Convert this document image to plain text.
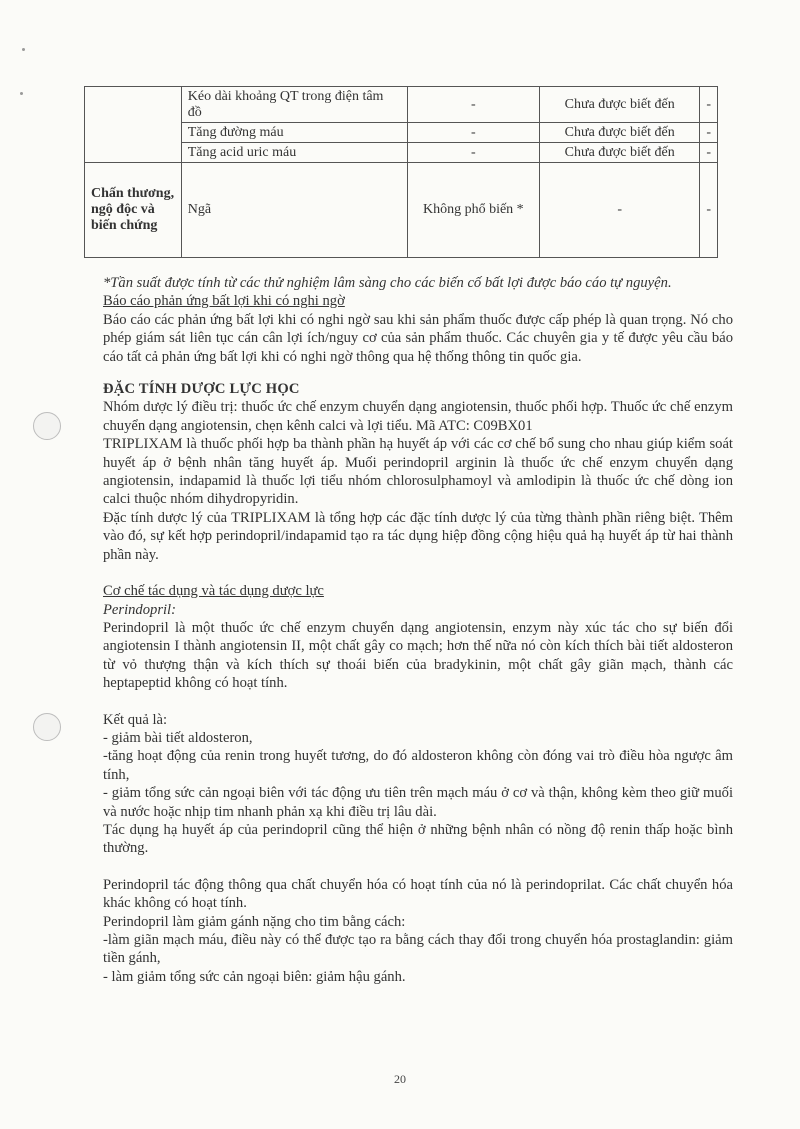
	Kéo dài khoảng QT trong điện tâm đồ	-	Chưa được biết đến	-
	Tăng đường máu	-	Chưa được biết đến	-
	Tăng acid uric máu	-	Chưa được biết đến	-
Chấn thương, ngộ độc và biến chứng	Ngã	Không phổ biến *	-	-

*Tần suất được tính từ các thử nghiệm lâm sàng cho các biến cố bất lợi được báo cáo tự nguyện.

Báo cáo phản ứng bất lợi khi có nghi ngờ

Báo cáo các phản ứng bất lợi khi có nghi ngờ sau khi sản phẩm thuốc được cấp phép là quan trọng. Nó cho phép giám sát liên tục cán cân lợi ích/nguy cơ của sản phẩm thuốc. Các chuyên gia y tế được yêu cầu báo cáo tất cả phản ứng bất lợi khi có nghi ngờ thông qua hệ thống thông tin quốc gia.

ĐẶC TÍNH DƯỢC LỰC HỌC

Nhóm dược lý điều trị: thuốc ức chế enzym chuyển dạng angiotensin, thuốc phối hợp. Thuốc ức chế enzym chuyển dạng angiotensin, chẹn kênh calci và lợi tiểu. Mã ATC: C09BX01

TRIPLIXAM là thuốc phối hợp ba thành phần hạ huyết áp với các cơ chế bổ sung cho nhau giúp kiểm soát huyết áp ở bệnh nhân tăng huyết áp. Muối perindopril arginin là thuốc ức chế enzym chuyển dạng angiotensin, indapamid là thuốc lợi tiểu nhóm chlorosulphamoyl và amlodipin là thuốc ức chế dòng ion calci thuộc nhóm dihydropyridin.

Đặc tính dược lý của TRIPLIXAM là tổng hợp các đặc tính dược lý của từng thành phần riêng biệt. Thêm vào đó, sự kết hợp perindopril/indapamid tạo ra tác dụng hiệp đồng cộng hiệu quả hạ huyết áp từ hai thành phần này.

Cơ chế tác dụng và tác dụng dược lực

Perindopril:

Perindopril là một thuốc ức chế enzym chuyển dạng angiotensin, enzym này xúc tác cho sự biến đổi angiotensin I thành angiotensin II, một chất gây co mạch; hơn thế nữa nó còn kích thích bài tiết aldosteron từ vỏ thượng thận và kích thích sự thoái biến của bradykinin, một chất gây giãn mạch, thành các heptapeptid không có hoạt tính.

Kết quả là:

- giảm bài tiết aldosteron,

-tăng hoạt động của renin trong huyết tương, do đó aldosteron không còn đóng vai trò điều hòa ngược âm tính,

- giảm tổng sức cản ngoại biên với tác động ưu tiên trên mạch máu ở cơ và thận, không kèm theo giữ muối và nước hoặc nhịp tim nhanh phản xạ khi điều trị lâu dài.

Tác dụng hạ huyết áp của perindopril cũng thể hiện ở những bệnh nhân có nồng độ renin thấp hoặc bình thường.

Perindopril tác động thông qua chất chuyển hóa có hoạt tính của nó là perindoprilat. Các chất chuyển hóa khác không có hoạt tính.

Perindopril làm giảm gánh nặng cho tim bằng cách:

-làm giãn mạch máu, điều này có thể được tạo ra bằng cách thay đổi trong chuyển hóa prostaglandin: giảm tiền gánh,

- làm giảm tổng sức cản ngoại biên: giảm hậu gánh.

20
